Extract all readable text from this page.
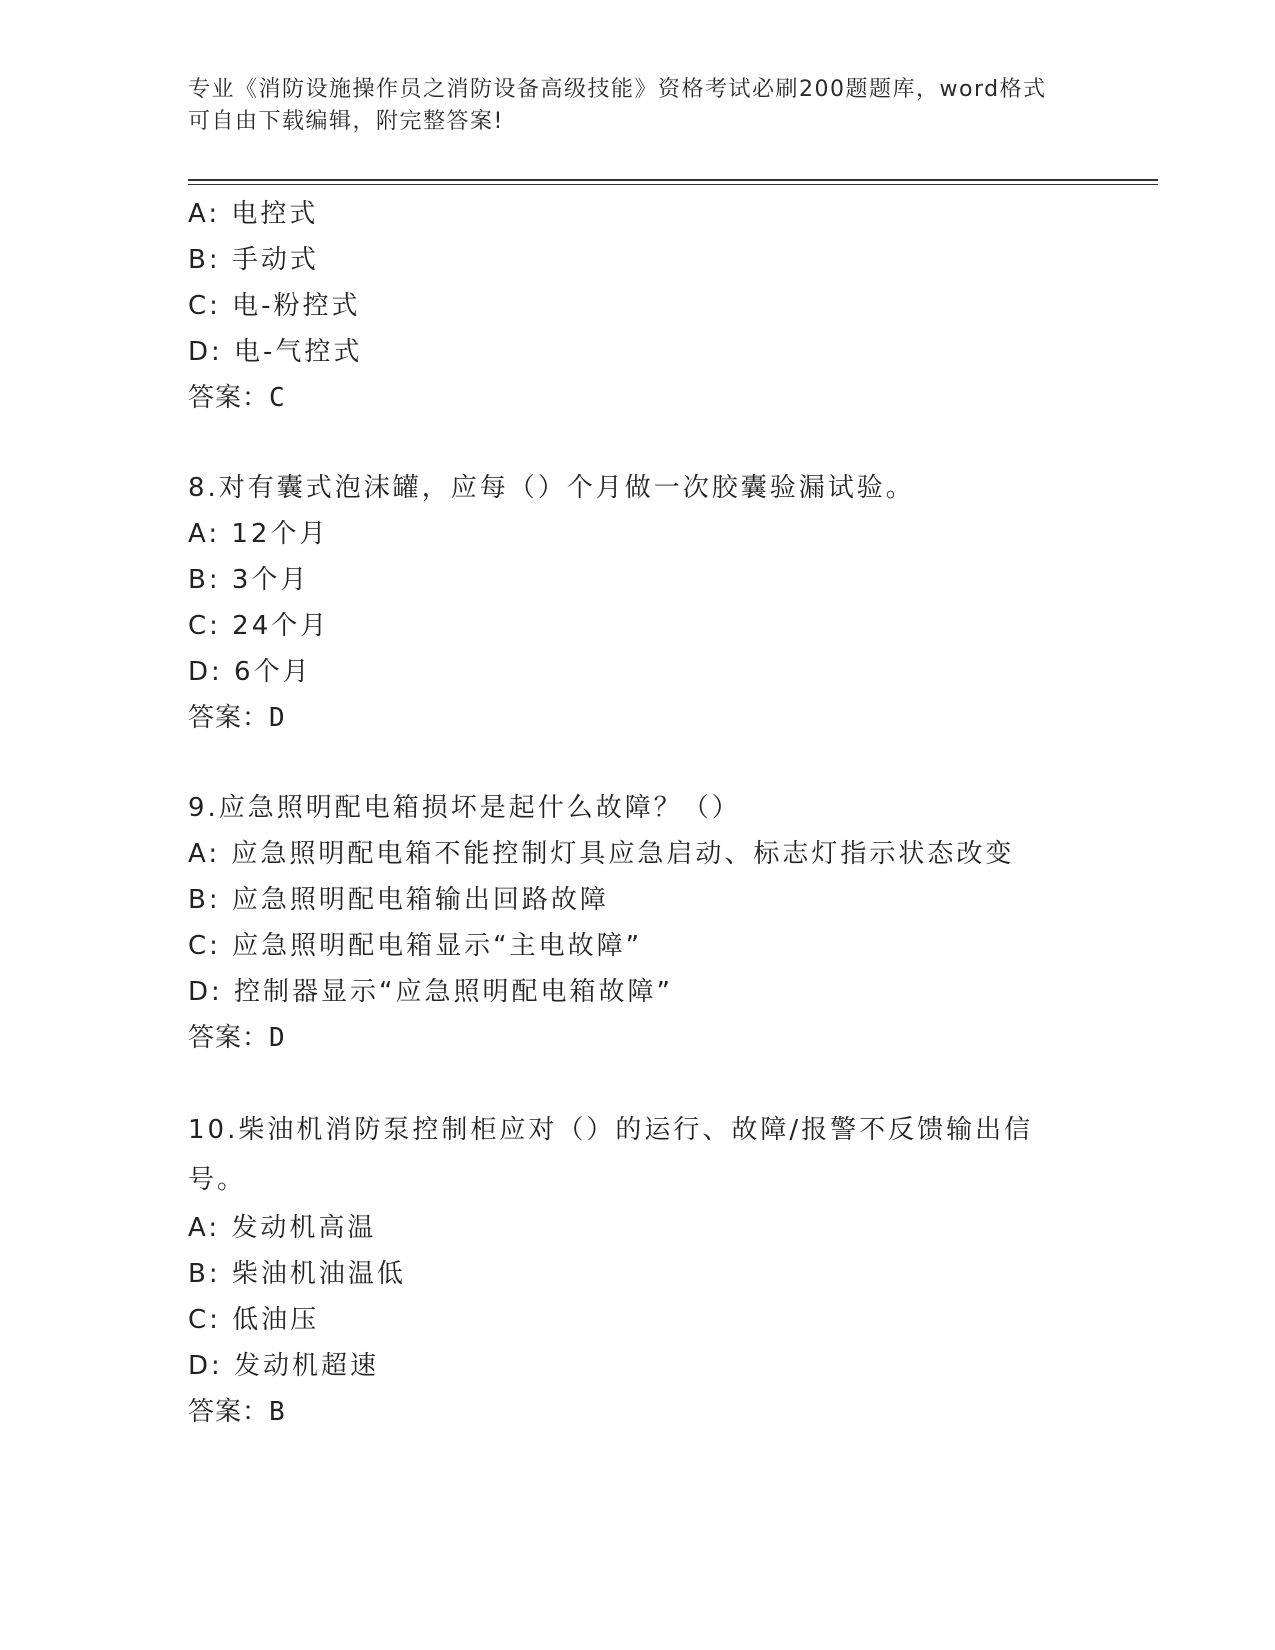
专业《消防设施操作员之消防设备高级技能》资格考试必刷200题题库，word格式可自由下载编辑，附完整答案!
A: 电控式
B: 手动式
C: 电-粉控式
D: 电-气控式
答案：C
8.对有囊式泡沫罐，应每（）个月做一次胶囊验漏试验。
A: 12个月
B: 3个月
C: 24个月
D: 6个月
答案：D
9.应急照明配电箱损坏是起什么故障？（）
A: 应急照明配电箱不能控制灯具应急启动、标志灯指示状态改变
B: 应急照明配电箱输出回路故障
C: 应急照明配电箱显示“主电故障”
D: 控制器显示“应急照明配电箱故障”
答案：D
10.柴油机消防泵控制柜应对（）的运行、故障/报警不反馈输出信号。
A: 发动机高温
B: 柴油机油温低
C: 低油压
D: 发动机超速
答案：B
